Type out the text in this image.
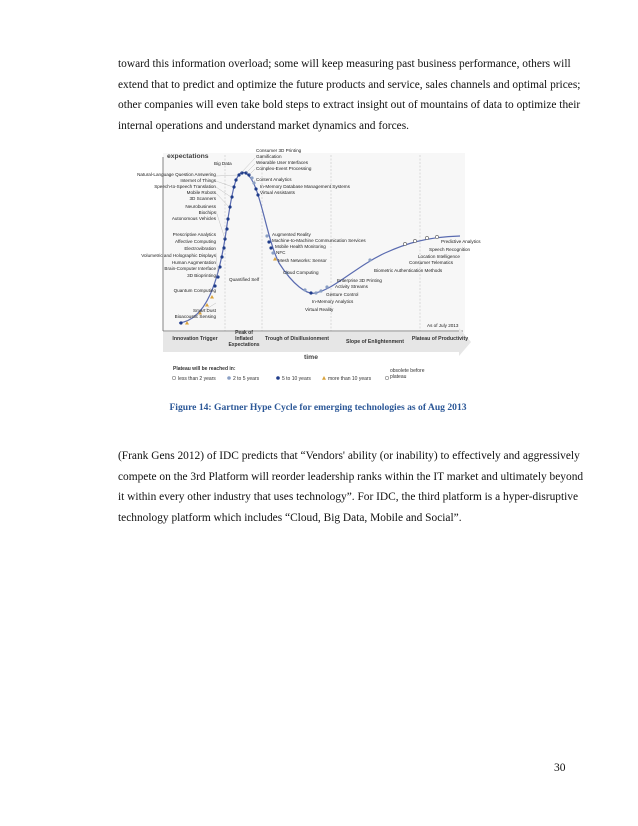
toward this information overload; some will keep measuring past business performance, others will extend that to predict and optimize the future products and service, sales channels and optimal prices; other companies will even take bold steps to extract insight out of mountains of data to optimize their internal operations and understand market dynamics and forces.

expectations
Big Data
Natural-Language Question Answering
Internet of Things
Speech-to-Speech Translation
Mobile Robots
3D Scanners
Neurobusiness
Biochips
Autonomous Vehicles
Prescriptive Analytics
Affective Computing
Electrovibration
Volumetric and Holographic Displays
Human Augmentation
Brain-Computer Interface
3D Bioprinting
Quantum Computing
Smart Dust
Bioacoustic Sensing
Consumer 3D Printing
Gamification
Wearable User Interfaces
Complex-Event Processing
Content Analytics
In-Memory Database Management Systems
Virtual Assistants
Augmented Reality
Machine-to-Machine Communication Services
Mobile Health Monitoring
NFC
Mesh Networks: Sensor
Quantified Self
Cloud Computing
Enterprise 3D Printing
Activity Streams
Gesture Control
In-Memory Analytics
Virtual Reality
Biometric Authentication Methods
Predictive Analytics
Speech Recognition
Location Intelligence
Consumer Telematics
As of July 2013
Innovation Trigger
Peak of Inflated Expectations
Trough of Disillusionment	Slope of Enlightenment Plateau of Productivity
time
Plateau will be reached in:
less than 2 years	2 to 5 years	5 to 10 years	more than 10 years
obsolete before plateau
Figure 14: Gartner Hype Cycle for emerging technologies as of Aug 2013

(Frank Gens 2012) of IDC predicts that “Vendors' ability (or inability) to effectively and aggressively compete on the 3rd Platform will reorder leadership ranks within the IT market and ultimately beyond it within every other industry that uses technology”. For IDC, the third platform is a hyper-disruptive technology platform which includes “Cloud, Big Data, Mobile and Social”.

30
